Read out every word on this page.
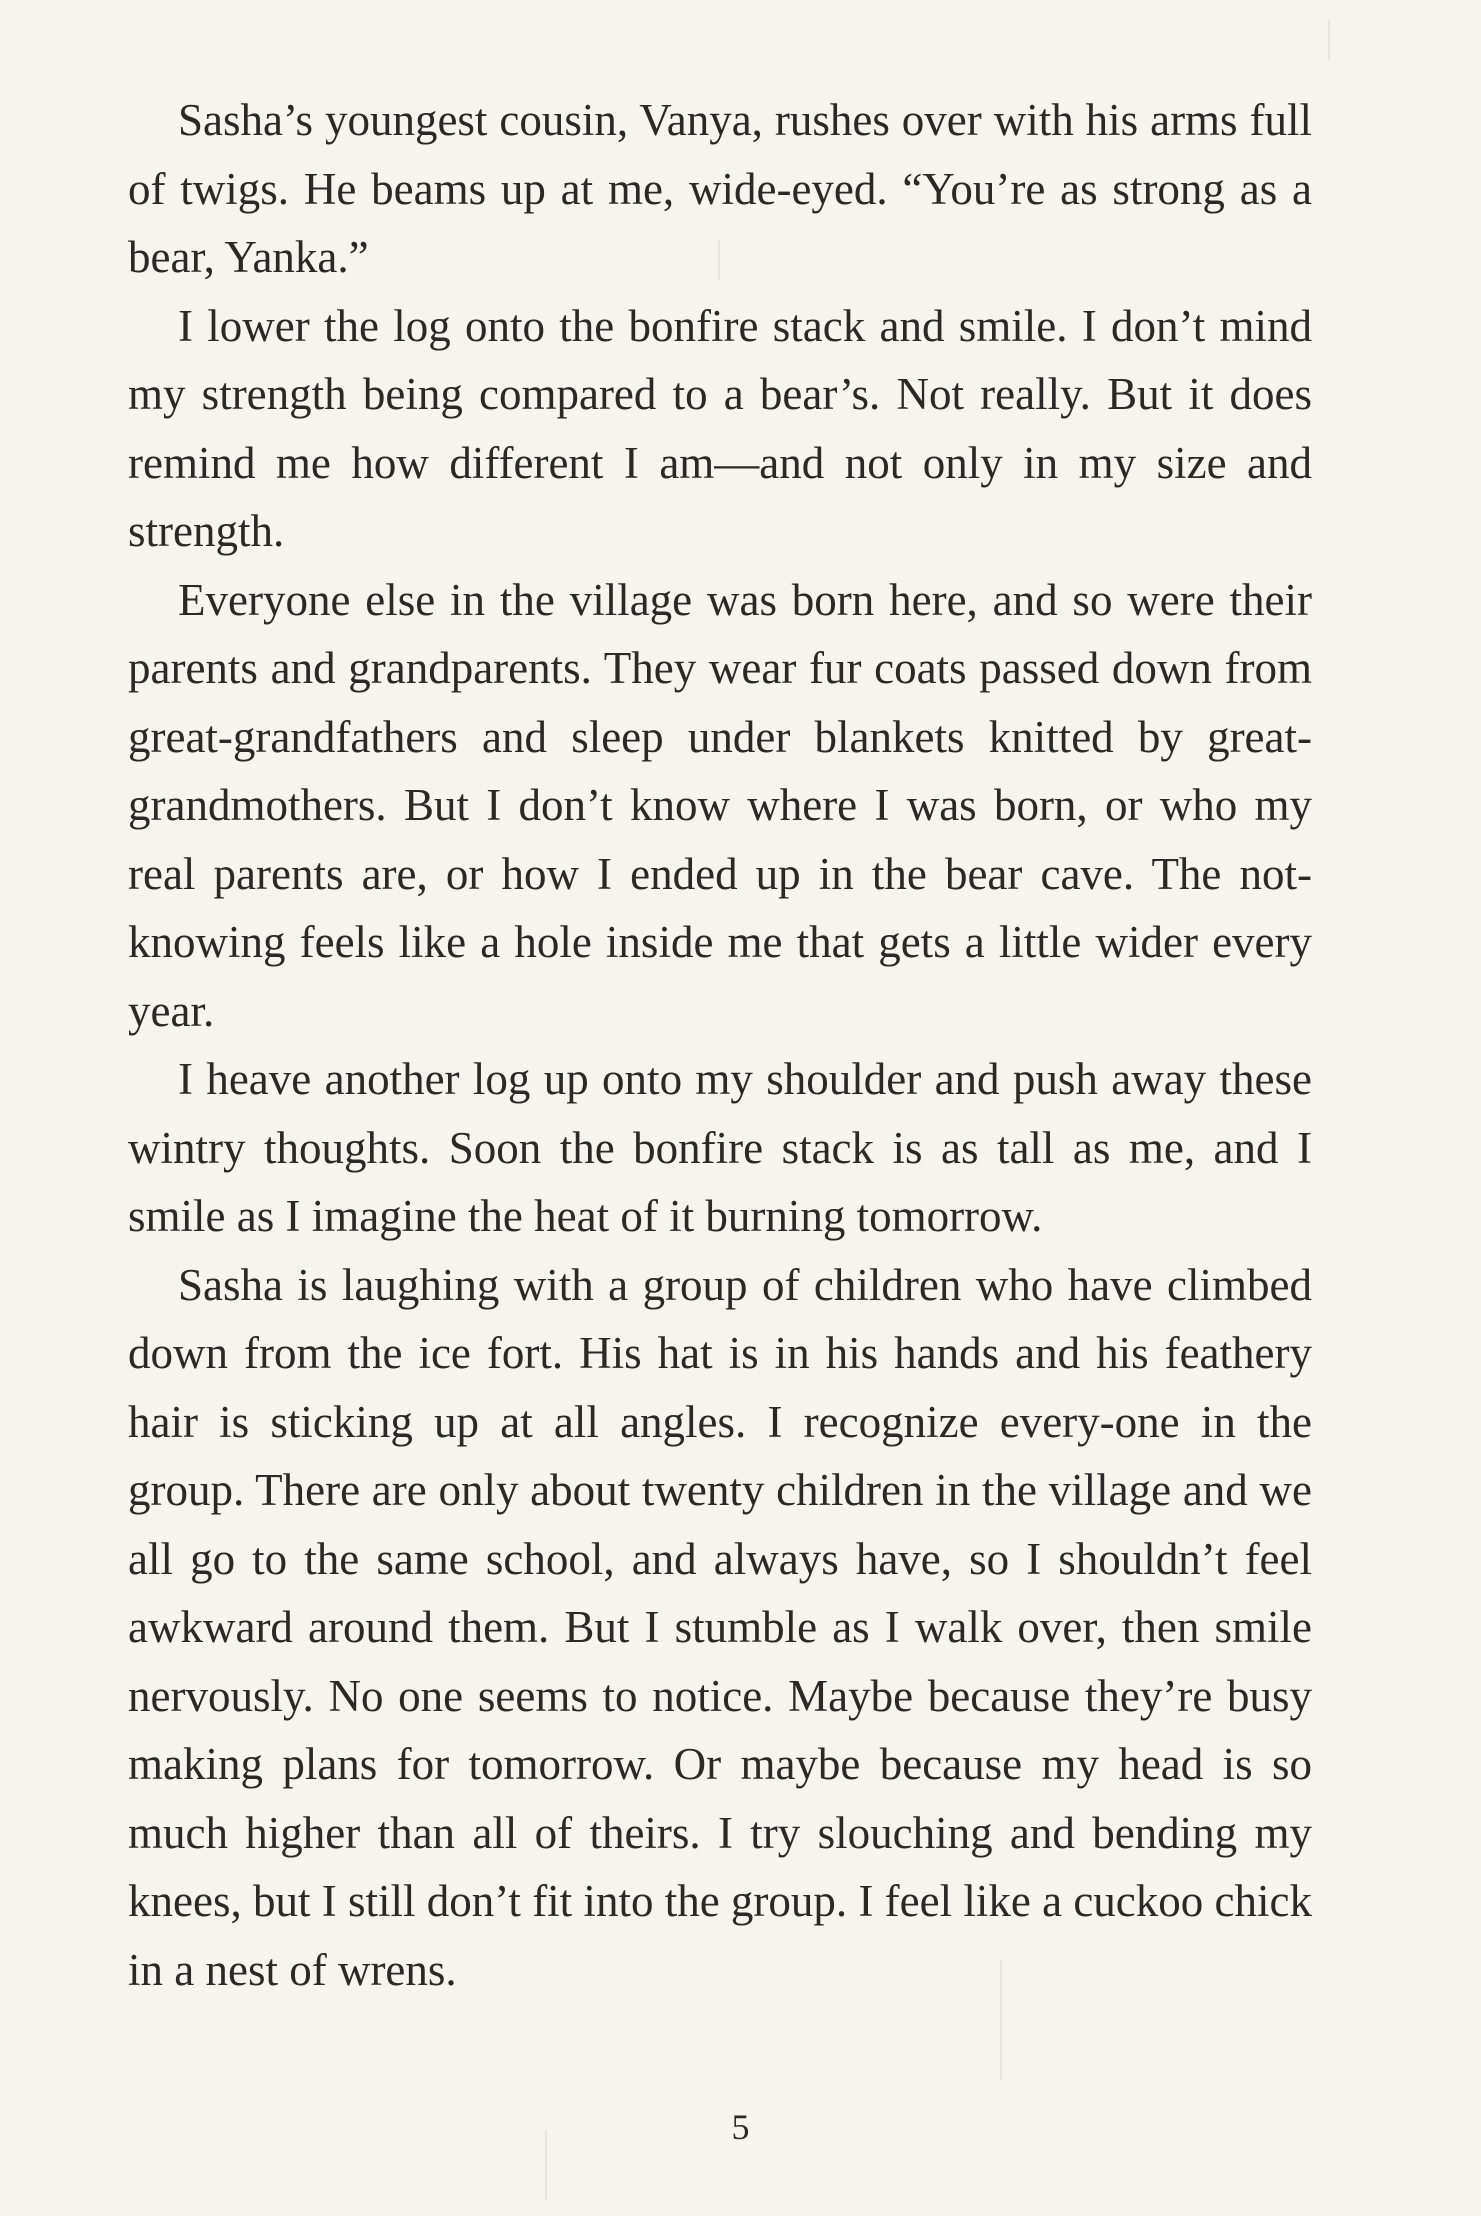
Sasha’s youngest cousin, Vanya, rushes over with his arms full of twigs. He beams up at me, wide-eyed. “You’re as strong as a bear, Yanka.”

I lower the log onto the bonfire stack and smile. I don’t mind my strength being compared to a bear’s. Not really. But it does remind me how different I am—and not only in my size and strength.

Everyone else in the village was born here, and so were their parents and grandparents. They wear fur coats passed down from great-grandfathers and sleep under blankets knitted by great-grandmothers. But I don’t know where I was born, or who my real parents are, or how I ended up in the bear cave. The not-knowing feels like a hole inside me that gets a little wider every year.

I heave another log up onto my shoulder and push away these wintry thoughts. Soon the bonfire stack is as tall as me, and I smile as I imagine the heat of it burning tomorrow.

Sasha is laughing with a group of children who have climbed down from the ice fort. His hat is in his hands and his feathery hair is sticking up at all angles. I recognize every-one in the group. There are only about twenty children in the village and we all go to the same school, and always have, so I shouldn’t feel awkward around them. But I stumble as I walk over, then smile nervously. No one seems to notice. Maybe because they’re busy making plans for tomorrow. Or maybe because my head is so much higher than all of theirs. I try slouching and bending my knees, but I still don’t fit into the group. I feel like a cuckoo chick in a nest of wrens.

5
